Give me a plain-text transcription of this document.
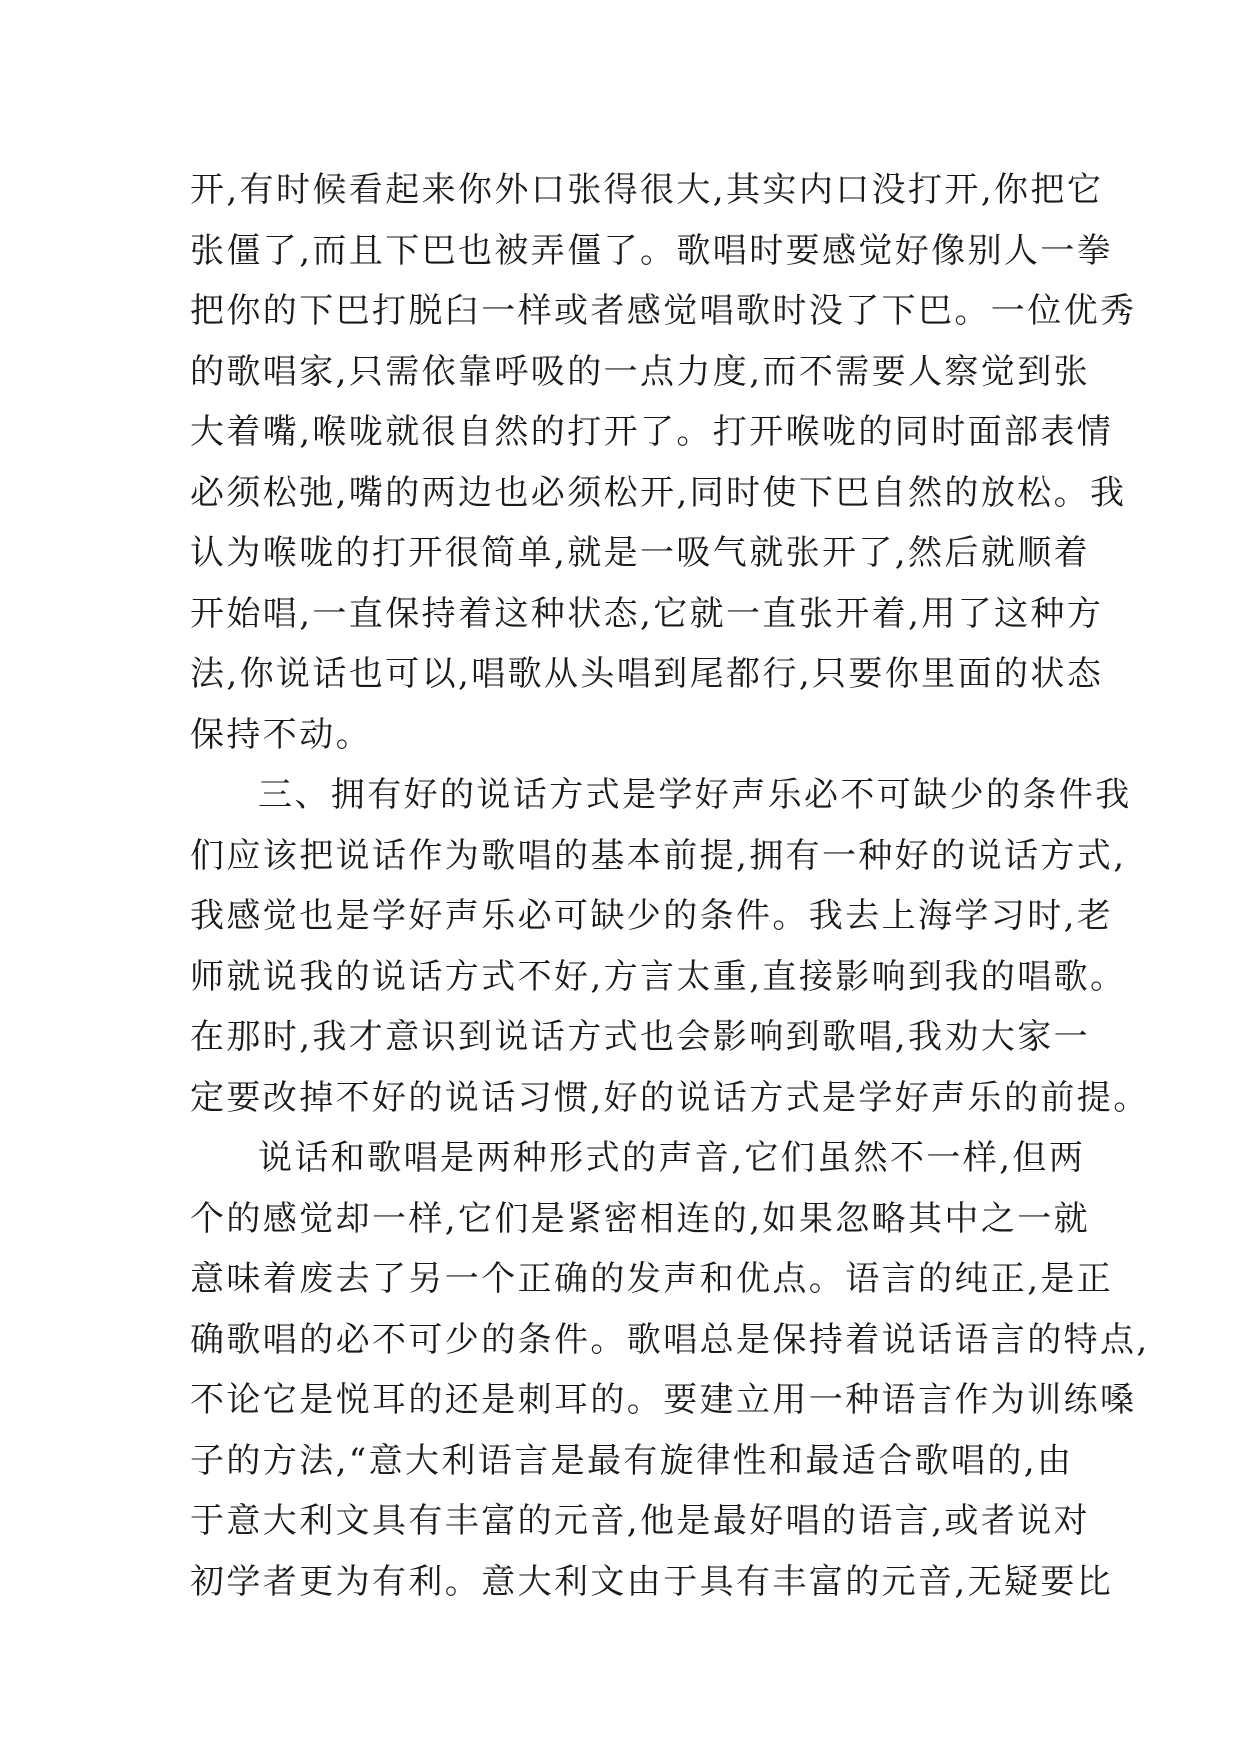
开,有时候看起来你外口张得很大,其实内口没打开,你把它
张僵了,而且下巴也被弄僵了。歌唱时要感觉好像别人一拳
把你的下巴打脱臼一样或者感觉唱歌时没了下巴。一位优秀
的歌唱家,只需依靠呼吸的一点力度,而不需要人察觉到张
大着嘴,喉咙就很自然的打开了。打开喉咙的同时面部表情
必须松弛,嘴的两边也必须松开,同时使下巴自然的放松。我
认为喉咙的打开很简单,就是一吸气就张开了,然后就顺着
开始唱,一直保持着这种状态,它就一直张开着,用了这种方
法,你说话也可以,唱歌从头唱到尾都行,只要你里面的状态
保持不动。
三、拥有好的说话方式是学好声乐必不可缺少的条件我
们应该把说话作为歌唱的基本前提,拥有一种好的说话方式,
我感觉也是学好声乐必可缺少的条件。我去上海学习时,老
师就说我的说话方式不好,方言太重,直接影响到我的唱歌。
在那时,我才意识到说话方式也会影响到歌唱,我劝大家一
定要改掉不好的说话习惯,好的说话方式是学好声乐的前提。
说话和歌唱是两种形式的声音,它们虽然不一样,但两
个的感觉却一样,它们是紧密相连的,如果忽略其中之一就
意味着废去了另一个正确的发声和优点。语言的纯正,是正
确歌唱的必不可少的条件。歌唱总是保持着说话语言的特点,
不论它是悦耳的还是刺耳的。要建立用一种语言作为训练嗓
子的方法,“意大利语言是最有旋律性和最适合歌唱的,由
于意大利文具有丰富的元音,他是最好唱的语言,或者说对
初学者更为有利。意大利文由于具有丰富的元音,无疑要比
